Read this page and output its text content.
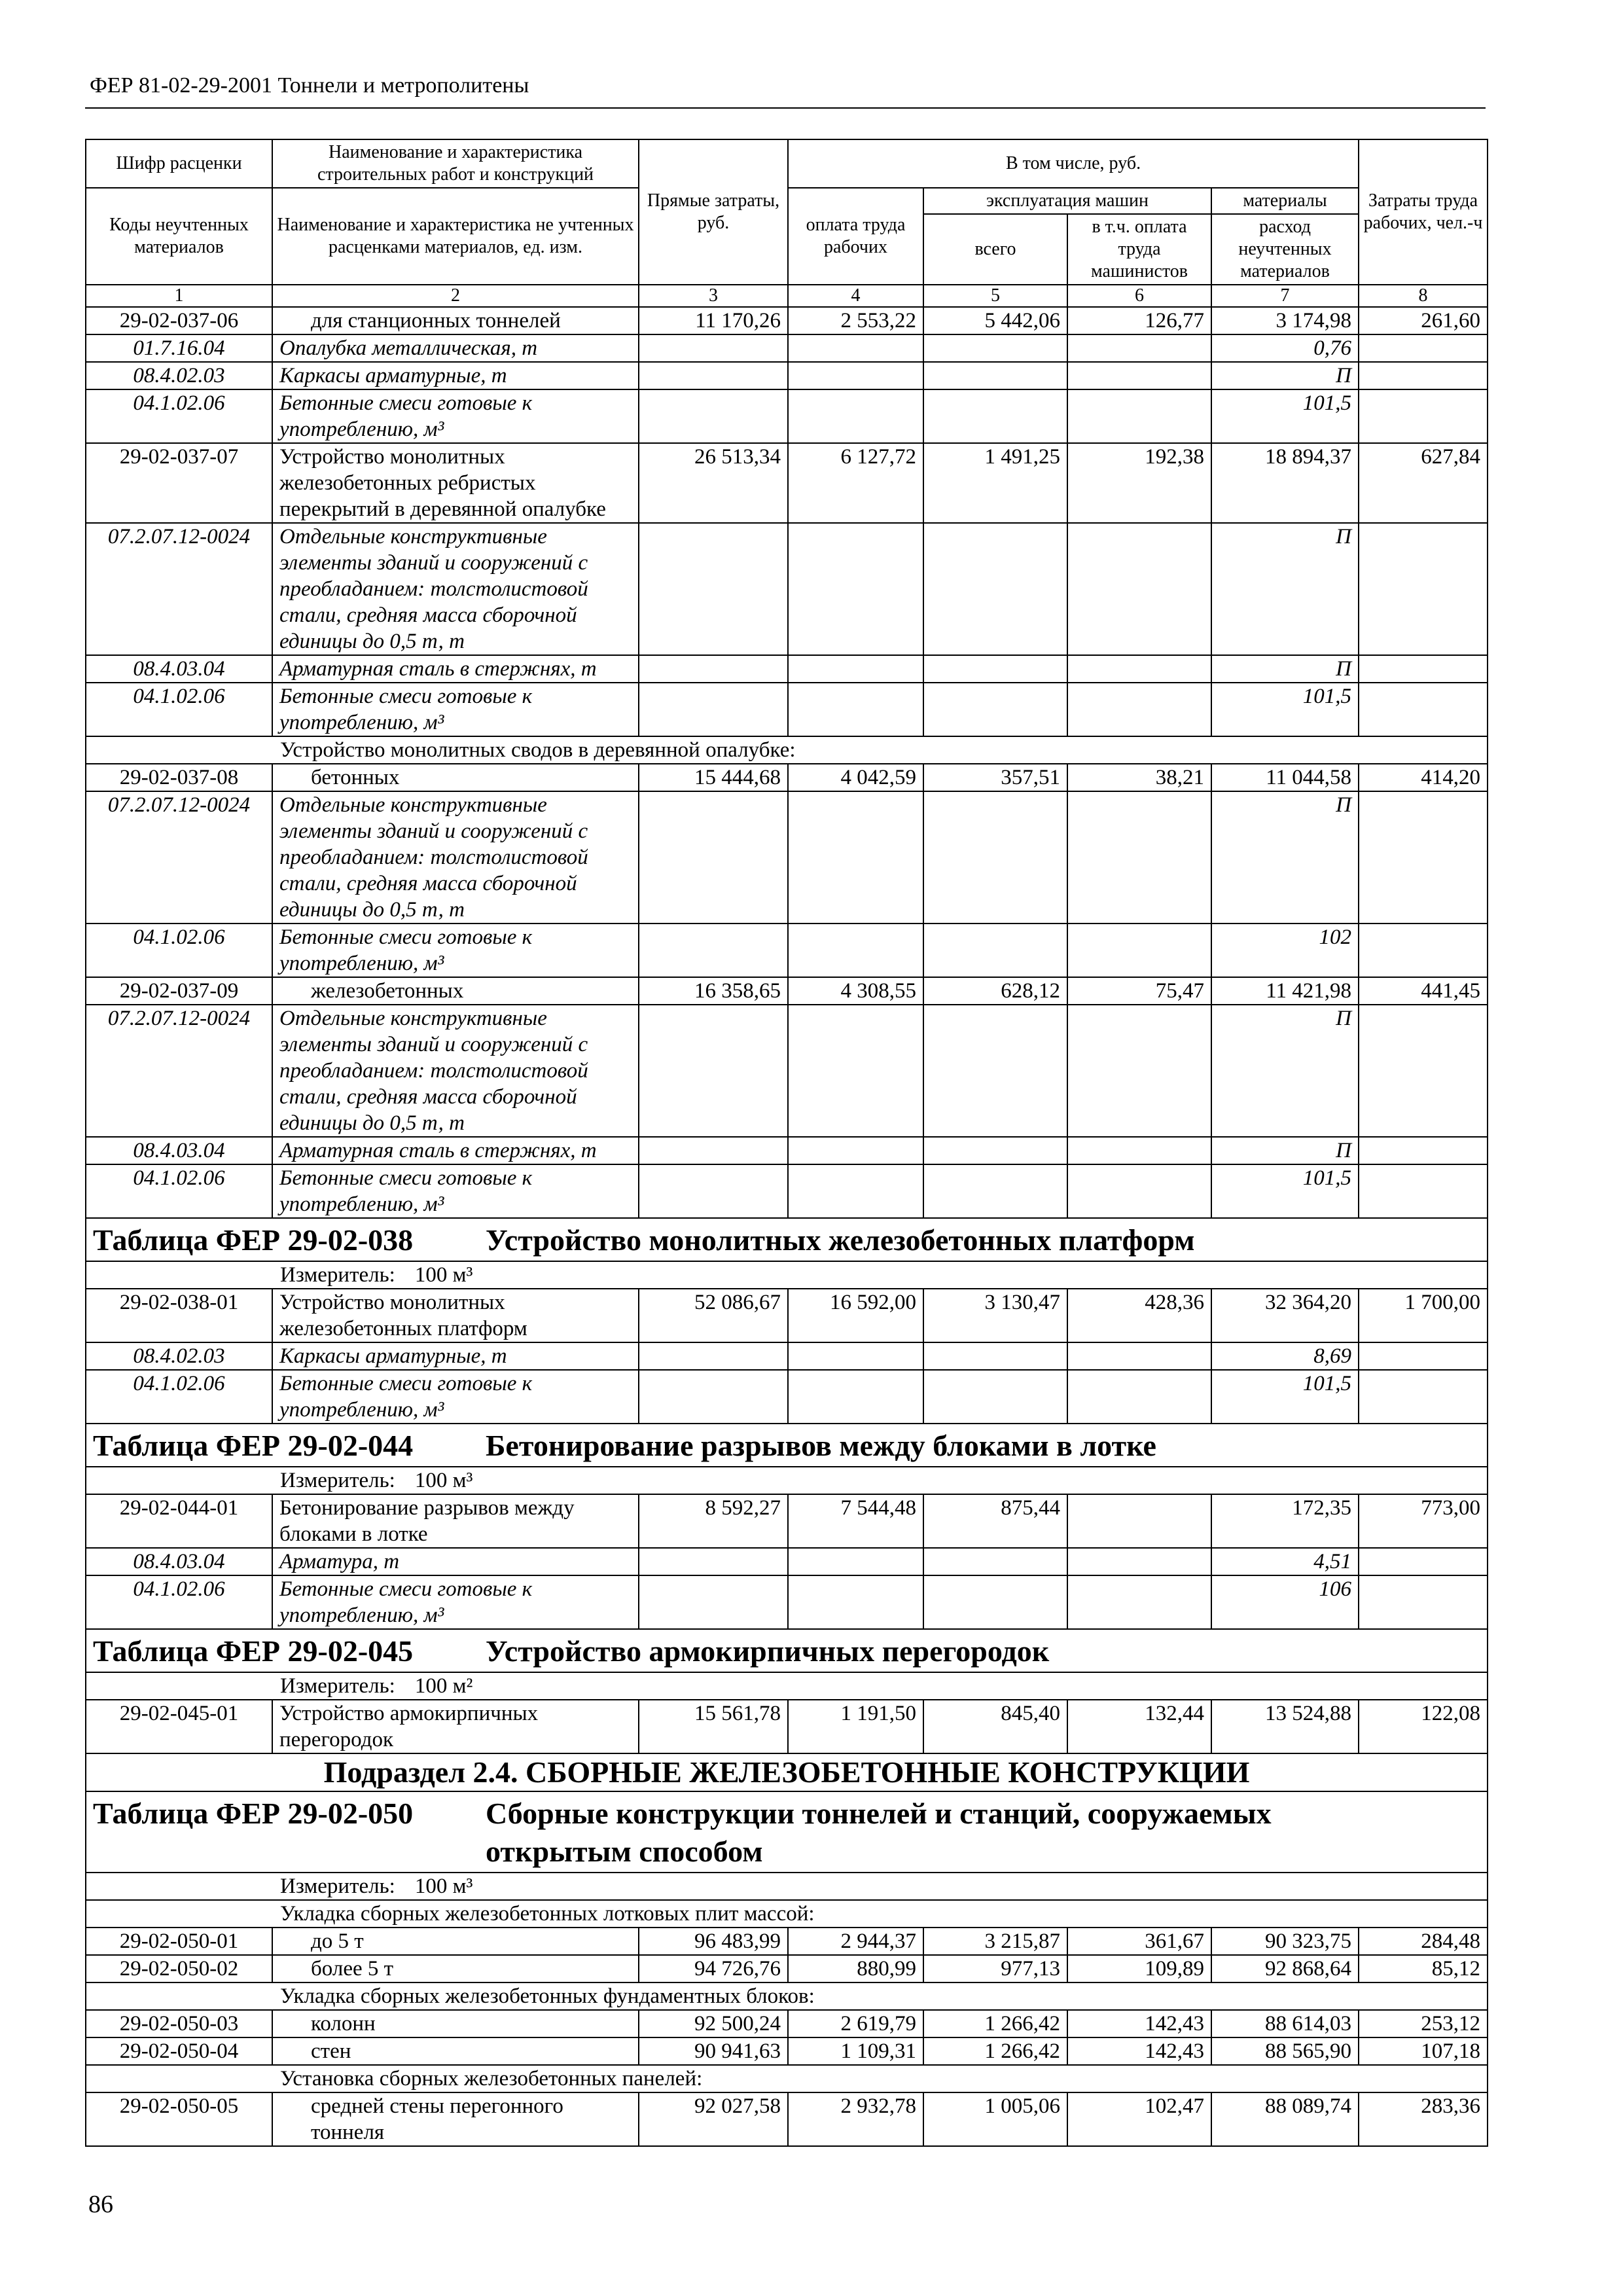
ФЕР 81-02-29-2001 Тоннели и метрополитены
Шифр расценки	Наименование и характеристика строительных работ и конструкций	Прямые затраты, руб.	В том числе, руб.				Затраты труда рабочих, чел.-ч
Коды неучтенных материалов	Наименование и характеристика не учтенных расценками материалов, ед. изм.		оплата труда рабочих	эксплуатация машин		материалы	
				всего	в т.ч. оплата труда машинистов	расход неучтенных материалов	
1	2	3	4	5	6	7	8
29-02-037-06	для станционных тоннелей	11 170,26	2 553,22	5 442,06	126,77	3 174,98	261,60
01.7.16.04	Опалубка металлическая, т					0,76	
08.4.02.03	Каркасы арматурные, т					П	
04.1.02.06	Бетонные смеси готовые к употреблению, м³					101,5	
29-02-037-07	Устройство монолитных железобетонных ребристых перекрытий в деревянной опалубке	26 513,34	6 127,72	1 491,25	192,38	18 894,37	627,84
07.2.07.12-0024	Отдельные конструктивные элементы зданий и сооружений с преобладанием: толстолистовой стали, средняя масса сборочной единицы до 0,5 т, т					П	
08.4.03.04	Арматурная сталь в стержнях, т					П	
04.1.02.06	Бетонные смеси готовые к употреблению, м³					101,5	
Устройство монолитных сводов в деревянной опалубке:							
29-02-037-08	бетонных	15 444,68	4 042,59	357,51	38,21	11 044,58	414,20
07.2.07.12-0024	Отдельные конструктивные элементы зданий и сооружений с преобладанием: толстолистовой стали, средняя масса сборочной единицы до 0,5 т, т					П	
04.1.02.06	Бетонные смеси готовые к употреблению, м³					102	
29-02-037-09	железобетонных	16 358,65	4 308,55	628,12	75,47	11 421,98	441,45
07.2.07.12-0024	Отдельные конструктивные элементы зданий и сооружений с преобладанием: толстолистовой стали, средняя масса сборочной единицы до 0,5 т, т					П	
08.4.03.04	Арматурная сталь в стержнях, т					П	
04.1.02.06	Бетонные смеси готовые к употреблению, м³					101,5	
Таблица ФЕР 29-02-038 Устройство монолитных железобетонных платформ							
Измеритель: 100 м³							
29-02-038-01	Устройство монолитных железобетонных платформ	52 086,67	16 592,00	3 130,47	428,36	32 364,20	1 700,00
08.4.02.03	Каркасы арматурные, т					8,69	
04.1.02.06	Бетонные смеси готовые к употреблению, м³					101,5	
Таблица ФЕР 29-02-044 Бетонирование разрывов между блоками в лотке							
Измеритель: 100 м³							
29-02-044-01	Бетонирование разрывов между блоками в лотке	8 592,27	7 544,48	875,44		172,35	773,00
08.4.03.04	Арматура, т					4,51	
04.1.02.06	Бетонные смеси готовые к употреблению, м³					106	
Таблица ФЕР 29-02-045 Устройство армокирпичных перегородок							
Измеритель: 100 м²							
29-02-045-01	Устройство армокирпичных перегородок	15 561,78	1 191,50	845,40	132,44	13 524,88	122,08
Подраздел 2.4. СБОРНЫЕ ЖЕЛЕЗОБЕТОННЫЕ КОНСТРУКЦИИ							
Таблица ФЕР 29-02-050 Сборные конструкции тоннелей и станций, сооружаемых открытым способом							
Измеритель: 100 м³							
Укладка сборных железобетонных лотковых плит массой:							
29-02-050-01	до 5 т	96 483,99	2 944,37	3 215,87	361,67	90 323,75	284,48
29-02-050-02	более 5 т	94 726,76	880,99	977,13	109,89	92 868,64	85,12
Укладка сборных железобетонных фундаментных блоков:							
29-02-050-03	колонн	92 500,24	2 619,79	1 266,42	142,43	88 614,03	253,12
29-02-050-04	стен	90 941,63	1 109,31	1 266,42	142,43	88 565,90	107,18
Установка сборных железобетонных панелей:							
29-02-050-05	средней стены перегонного тоннеля	92 027,58	2 932,78	1 005,06	102,47	88 089,74	283,36
86
